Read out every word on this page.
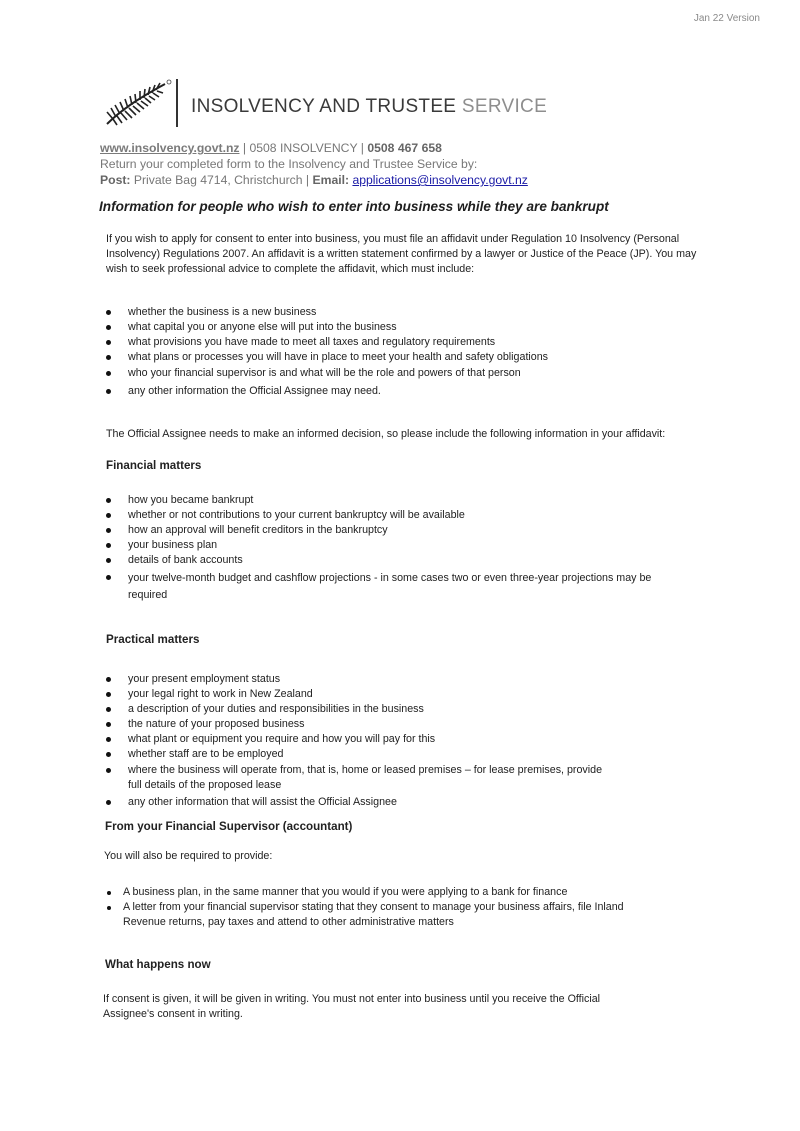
Jan 22 Version
INSOLVENCY AND TRUSTEE SERVICE
www.insolvency.govt.nz | 0508 INSOLVENCY | 0508 467 658
Return your completed form to the Insolvency and Trustee Service by:
Post: Private Bag 4714, Christchurch | Email: applications@insolvency.govt.nz
Information for people who wish to enter into business while they are bankrupt
If you wish to apply for consent to enter into business, you must file an affidavit under Regulation 10 Insolvency (Personal Insolvency) Regulations 2007. An affidavit is a written statement confirmed by a lawyer or Justice of the Peace (JP). You may wish to seek professional advice to complete the affidavit, which must include:
whether the business is a new business
what capital you or anyone else will put into the business
what provisions you have made to meet all taxes and regulatory requirements
what plans or processes you will have in place to meet your health and safety obligations
who your financial supervisor is and what will be the role and powers of that person
any other information the Official Assignee may need.
The Official Assignee needs to make an informed decision, so please include the following information in your affidavit:
Financial matters
how you became bankrupt
whether or not contributions to your current bankruptcy will be available
how an approval will benefit creditors in the bankruptcy
your business plan
details of bank accounts
your twelve-month budget and cashflow projections - in some cases two or even three-year projections may be required
Practical matters
your present employment status
your legal right to work in New Zealand
a description of your duties and responsibilities in the business
the nature of your proposed business
what plant or equipment you require and how you will pay for this
whether staff are to be employed
where the business will operate from, that is, home or leased premises – for lease premises, provide full details of the proposed lease
any other information that will assist the Official Assignee
From your Financial Supervisor (accountant)
You will also be required to provide:
A business plan, in the same manner that you would if you were applying to a bank for finance
A letter from your financial supervisor stating that they consent to manage your business affairs, file Inland Revenue returns, pay taxes and attend to other administrative matters
What happens now
If consent is given, it will be given in writing. You must not enter into business until you receive the Official Assignee's consent in writing.
